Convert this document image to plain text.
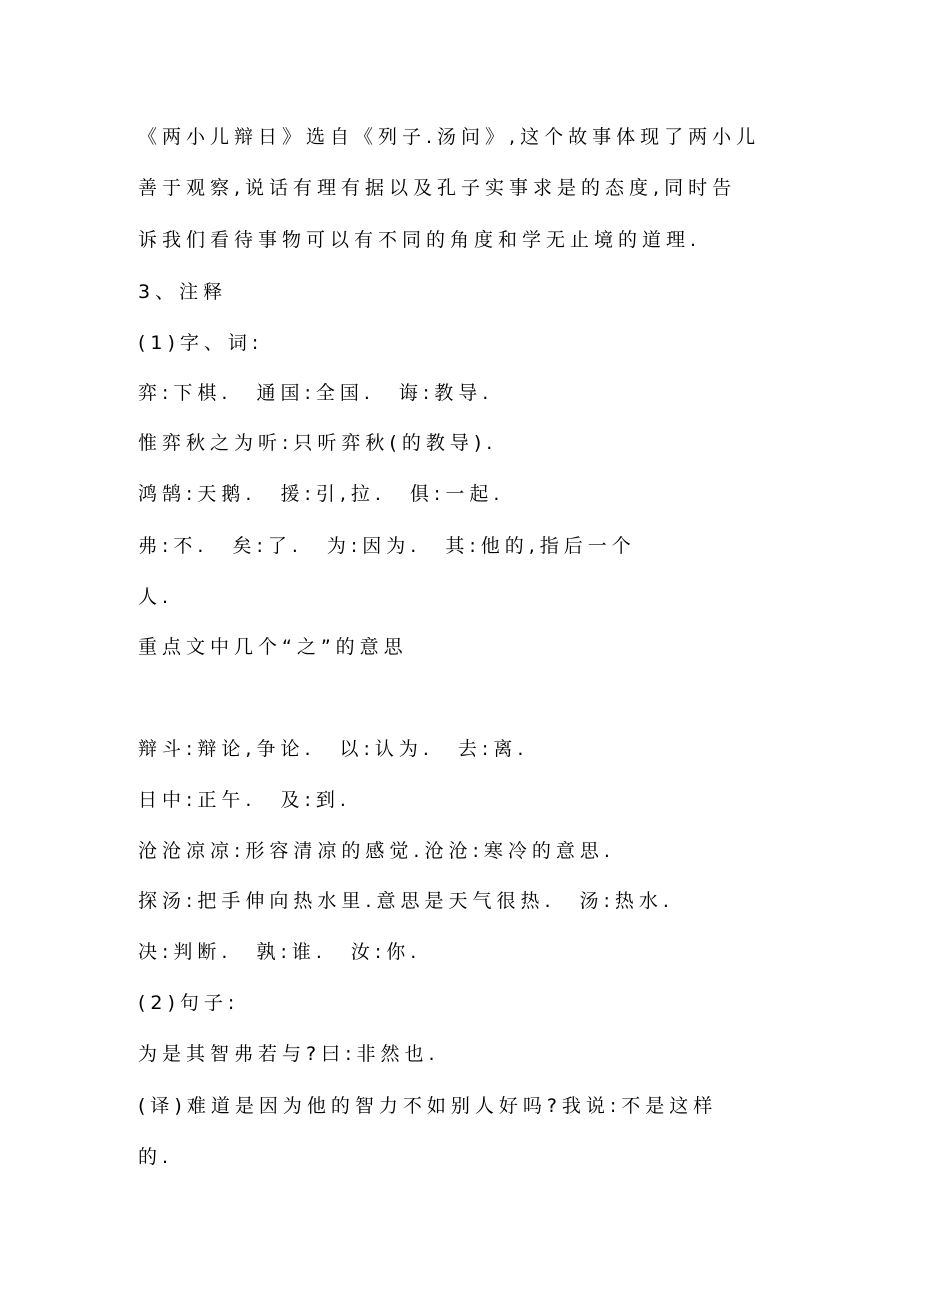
《两小儿辩日》选自《列子.汤问》,这个故事体现了两小儿
善于观察,说话有理有据以及孔子实事求是的态度,同时告
诉我们看待事物可以有不同的角度和学无止境的道理.
3、注释
(1)字、词:
弈:下棋.　通国:全国.　诲:教导.
惟弈秋之为听:只听弈秋(的教导).
鸿鹄:天鹅.　援:引,拉.　俱:一起.
弗:不.　矣:了.　为:因为.　其:他的,指后一个
人.
重点文中几个“之”的意思
辩斗:辩论,争论.　以:认为.　去:离.
日中:正午.　及:到.
沧沧凉凉:形容清凉的感觉.沧沧:寒冷的意思.
探汤:把手伸向热水里.意思是天气很热.　汤:热水.
决:判断.　孰:谁.　汝:你.
(2)句子:
为是其智弗若与?曰:非然也.
(译)难道是因为他的智力不如别人好吗?我说:不是这样
的.
